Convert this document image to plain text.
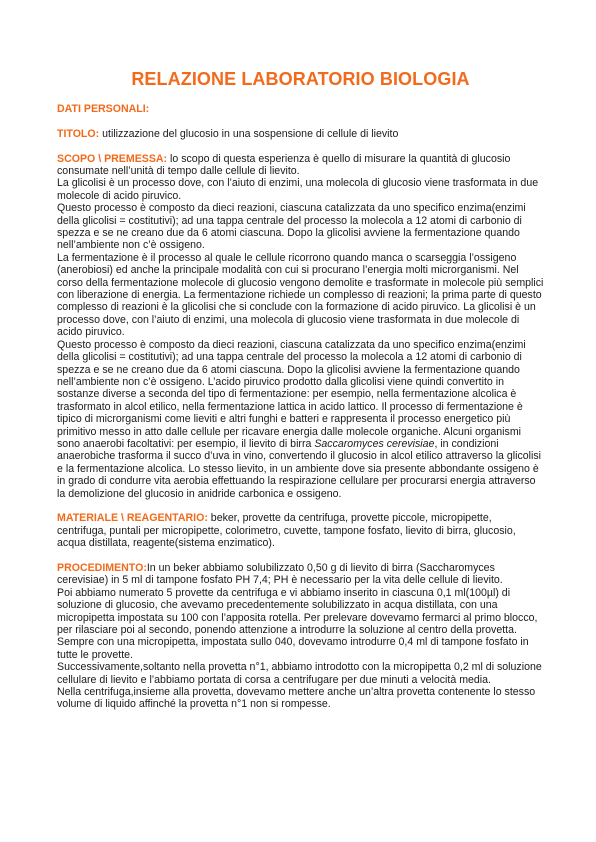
RELAZIONE LABORATORIO BIOLOGIA
DATI PERSONALI:
TITOLO: utilizzazione del glucosio in una sospensione di cellule di lievito
SCOPO \ PREMESSA: lo scopo di questa esperienza è quello di misurare la quantità di glucosio consumate nell’unità di tempo dalle cellule di lievito.
La glicolisi è un processo dove, con l’aiuto di enzimi, una molecola di glucosio viene trasformata in due molecole di acido piruvico.
Questo processo è composto da dieci reazioni, ciascuna catalizzata da uno specifico enzima(enzimi della glicolisi = costitutivi); ad una tappa centrale del processo la molecola a 12 atomi di carbonio di spezza e se ne creano due da 6 atomi ciascuna. Dopo la glicolisi avviene la fermentazione quando nell’ambiente non c’è ossigeno.
La fermentazione è il processo al quale le cellule ricorrono quando manca o scarseggia l’ossigeno (anerobiosi) ed anche la principale modalità con cui si procurano l’energia molti microrganismi. Nel corso della fermentazione molecole di glucosio vengono demolite e trasformate in molecole più semplici con liberazione di energia. La fermentazione richiede un complesso di reazioni; la prima parte di questo complesso di reazioni è la glicolisi che si conclude con la formazione di acido piruvico. La glicolisi è un processo dove, con l’aiuto di enzimi, una molecola di glucosio viene trasformata in due molecole di acido piruvico.
Questo processo è composto da dieci reazioni, ciascuna catalizzata da uno specifico enzima(enzimi della glicolisi = costitutivi); ad una tappa centrale del processo la molecola a 12 atomi di carbonio di spezza e se ne creano due da 6 atomi ciascuna. Dopo la glicolisi avviene la fermentazione quando nell’ambiente non c’è ossigeno. L’acido piruvico prodotto dalla glicolisi viene quindi convertito in sostanze diverse a seconda del tipo di fermentazione: per esempio, nella fermentazione alcolica è trasformato in alcol etilico, nella fermentazione lattica in acido lattico. Il processo di fermentazione è tipico di microrganismi come lieviti e altri funghi e batteri e rappresenta il processo energetico più primitivo messo in atto dalle cellule per ricavare energia dalle molecole organiche. Alcuni organismi sono anaerobi facoltativi: per esempio, il lievito di birra Saccaromyces cerevisiae, in condizioni anaerobiche trasforma il succo d’uva in vino, convertendo il glucosio in alcol etilico attraverso la glicolisi e la fermentazione alcolica. Lo stesso lievito, in un ambiente dove sia presente abbondante ossigeno è in grado di condurre vita aerobia effettuando la respirazione cellulare per procurarsi energia attraverso la demolizione del glucosio in anidride carbonica e ossigeno.
MATERIALE \ REAGENTARIO: beker, provette da centrifuga, provette piccole, micropipette, centrifuga, puntali per micropipette, colorimetro, cuvette, tampone fosfato, lievito di birra, glucosio, acqua distillata, reagente(sistema enzimatico).
PROCEDIMENTO:In un beker abbiamo solubilizzato 0,50 g di lievito di birra (Saccharomyces cerevisiae) in 5 ml di tampone fosfato PH 7,4; PH è necessario per la vita delle cellule di lievito.
Poi abbiamo numerato 5 provette da centrifuga e vi abbiamo inserito in ciascuna 0,1 ml(100µl) di soluzione di glucosio, che avevamo precedentemente solubilizzato in acqua distillata, con una micropipetta impostata su 100 con l’apposita rotella. Per prelevare dovevamo fermarci al primo blocco, per rilasciare poi al secondo, ponendo attenzione a introdurre la soluzione al centro della provetta.
Sempre con una micropipetta, impostata sullo 040, dovevamo introdurre 0,4 ml di tampone fosfato in tutte le provette.
Successivamente,soltanto nella provetta n°1, abbiamo introdotto con la micropipetta 0,2 ml di soluzione cellulare di lievito e l’abbiamo portata di corsa a centrifugare per due minuti a velocità media.
Nella centrifuga,insieme alla provetta, dovevamo mettere anche un’altra provetta contenente lo stesso volume di liquido affinché la provetta n°1 non si rompesse.
